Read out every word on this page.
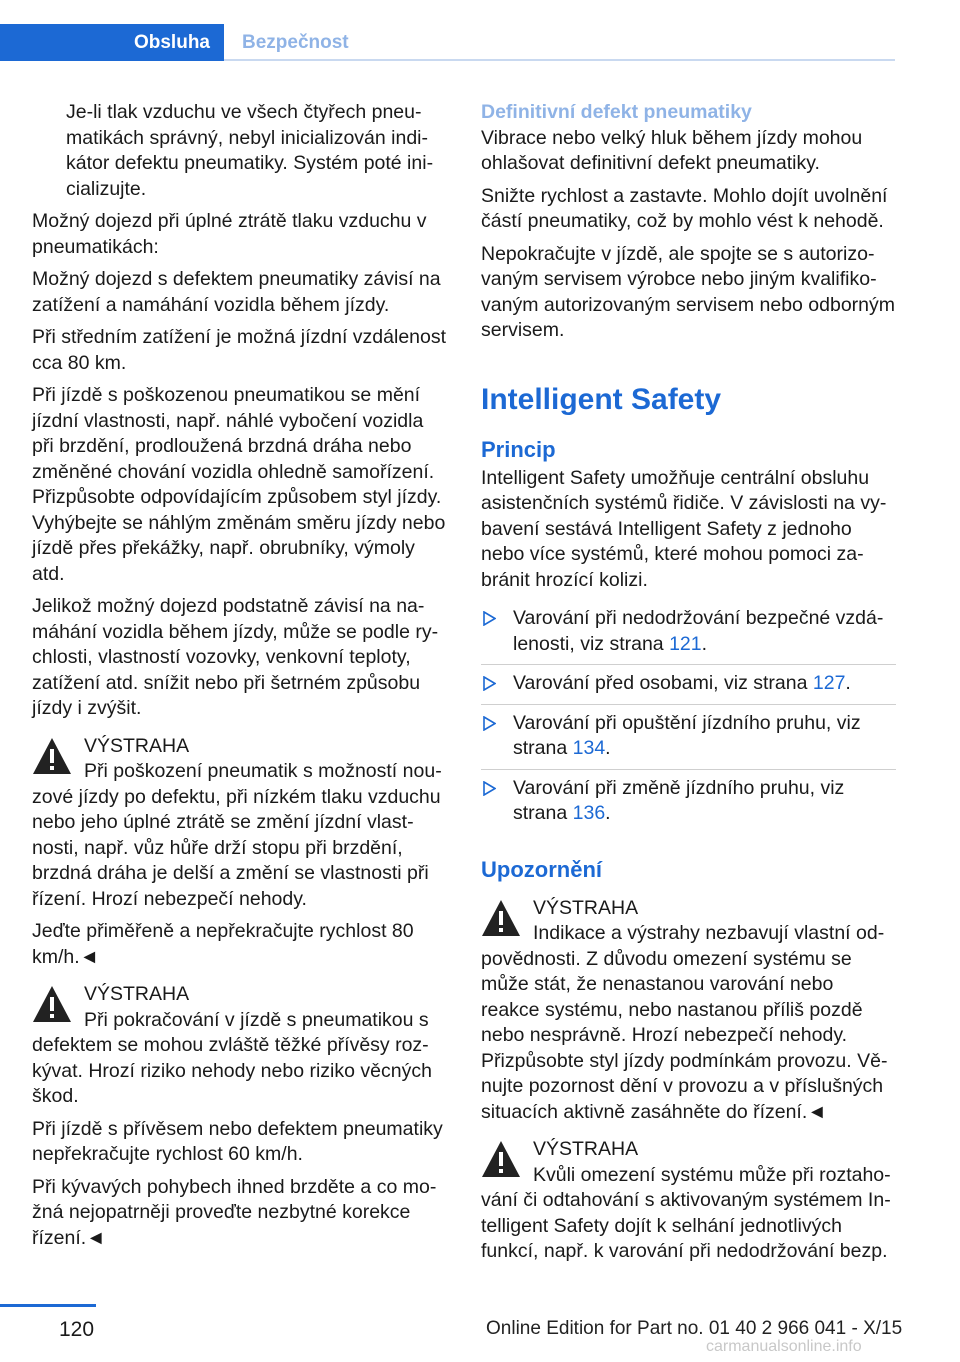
Obsluha	Bezpečnost

Je-li tlak vzduchu ve všech čtyřech pneumatikách správný, nebyl inicializován indikátor defektu pneumatiky. Systém poté inicializujte.

Možný dojezd při úplné ztrátě tlaku vzduchu v pneumatikách:

Možný dojezd s defektem pneumatiky závisí na zatížení a namáhání vozidla během jízdy.

Při středním zatížení je možná jízdní vzdálenost cca 80 km.

Při jízdě s poškozenou pneumatikou se mění jízdní vlastnosti, např. náhlé vybočení vozidla při brzdění, prodloužená brzdná dráha nebo změněné chování vozidla ohledně samořízení. Přizpůsobte odpovídajícím způsobem styl jízdy. Vyhýbejte se náhlým změnám směru jízdy nebo jízdě přes překážky, např. obrubníky, výmoly atd.

Jelikož možný dojezd podstatně závisí na namáhání vozidla během jízdy, může se podle rychlosti, vlastností vozovky, venkovní teploty, zatížení atd. snížit nebo při šetrném způsobu jízdy i zvýšit.

VÝSTRAHA

Při poškození pneumatik s možností nouzové jízdy po defektu, při nízkém tlaku vzduchu nebo jeho úplné ztrátě se změní jízdní vlastnosti, např. vůz hůře drží stopu při brzdění, brzdná dráha je delší a změní se vlastnosti při řízení. Hrozí nebezpečí nehody.

Jeďte přiměřeně a nepřekračujte rychlost 80 km/h.◄

VÝSTRAHA

Při pokračování v jízdě s pneumatikou s defektem se mohou zvláště těžké přívěsy rozkývat. Hrozí riziko nehody nebo riziko věcných škod.

Při jízdě s přívěsem nebo defektem pneumatiky nepřekračujte rychlost 60 km/h.

Při kývavých pohybech ihned brzděte a co možná nejopatrněji proveďte nezbytné korekce řízení.◄

Definitivní defekt pneumatiky

Vibrace nebo velký hluk během jízdy mohou ohlašovat definitivní defekt pneumatiky.

Snižte rychlost a zastavte. Mohlo dojít uvolnění částí pneumatiky, což by mohlo vést k nehodě.

Nepokračujte v jízdě, ale spojte se s autorizovaným servisem výrobce nebo jiným kvalifikovaným autorizovaným servisem nebo odborným servisem.

Intelligent Safety
Princip

Intelligent Safety umožňuje centrální obsluhu asistenčních systémů řidiče. V závislosti na vybavení sestává Intelligent Safety z jednoho nebo více systémů, které mohou pomoci zabránit hrozící kolizi.

Varování při nedodržování bezpečné vzdálenosti, viz strana 121.
Varování před osobami, viz strana 127.
Varování při opuštění jízdního pruhu, viz strana 134.
Varování při změně jízdního pruhu, viz strana 136.
Upozornění
VÝSTRAHA

Indikace a výstrahy nezbavují vlastní odpovědnosti. Z důvodu omezení systému se může stát, že nenastanou varování nebo reakce systému, nebo nastanou příliš pozdě nebo nesprávně. Hrozí nebezpečí nehody. Přizpůsobte styl jízdy podmínkám provozu. Věnujte pozornost dění v provozu a v příslušných situacích aktivně zasáhněte do řízení.◄

VÝSTRAHA

Kvůli omezení systému může při roztahování či odtahování s aktivovaným systémem Intelligent Safety dojít k selhání jednotlivých funkcí, např. k varování při nedodržování bezp.

120	Online Edition for Part no. 01 40 2 966 041 - X/15
carmanualsonline.info
